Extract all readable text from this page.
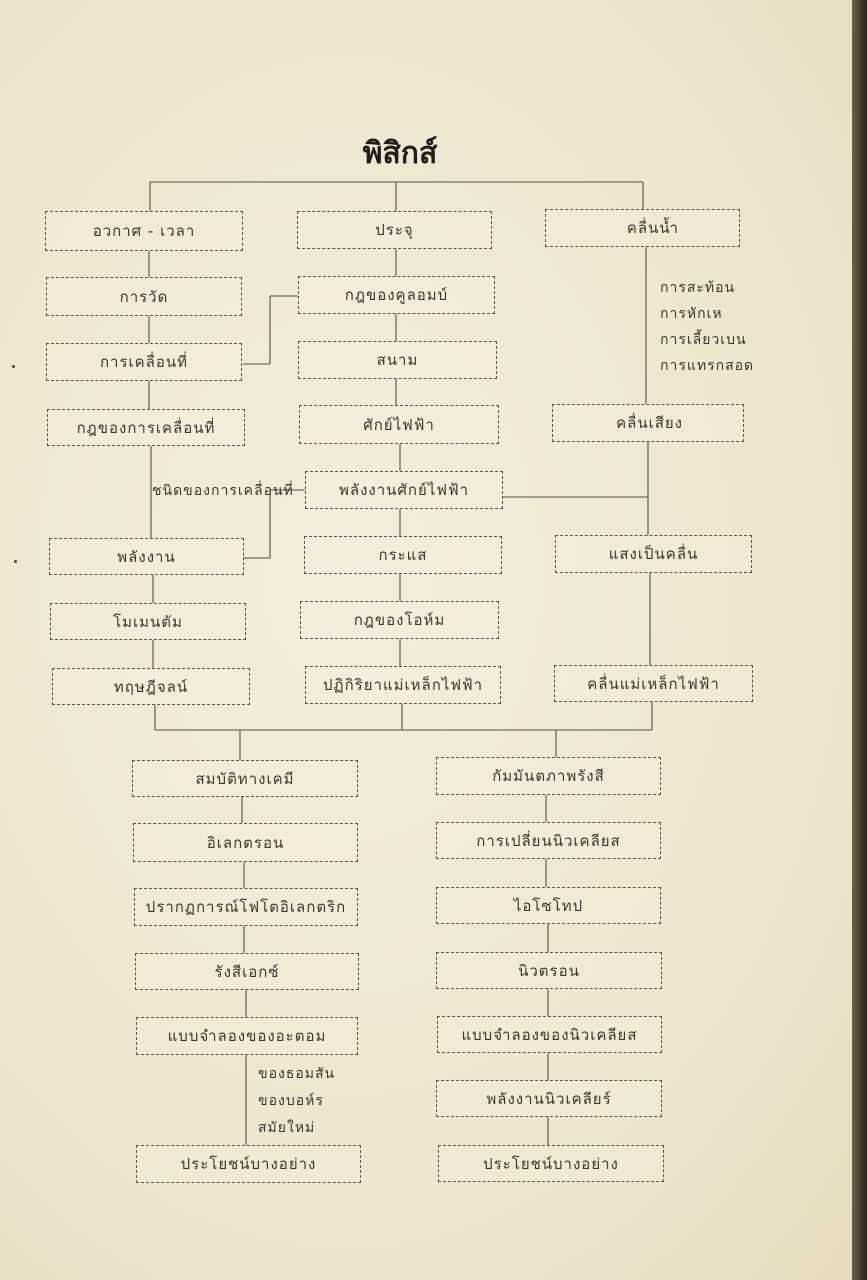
พิสิกส์
อวกาศ - เวลา
การวัด
การเคลื่อนที่
กฎของการเคลื่อนที่
ชนิดของการเคลื่อนที่
พลังงาน
โมเมนตัม
ทฤษฎีจลน์
ประจุ
กฎของคูลอมบ์
สนาม
ศักย์ไฟฟ้า
พลังงานศักย์ไฟฟ้า
กระแส
กฎของโอห์ม
ปฏิกิริยาแม่เหล็กไฟฟ้า
คลื่นน้ำ
การสะท้อน
การหักเห
การเลี้ยวเบน
การแทรกสอด
คลื่นเสียง
แสงเป็นคลื่น
คลื่นแม่เหล็กไฟฟ้า
สมบัติทางเคมี
อิเลกตรอน
ปรากฏการณ์โฟโตอิเลกตริก
รังสีเอกซ์
แบบจำลองของอะตอม
ของธอมสัน
ของบอห์ร
สมัยใหม่
ประโยชน์บางอย่าง
กัมมันตภาพรังสี
การเปลี่ยนนิวเคลียส
ไอโซโทป
นิวตรอน
แบบจำลองของนิวเคลียส
พลังงานนิวเคลียร์
ประโยชน์บางอย่าง
